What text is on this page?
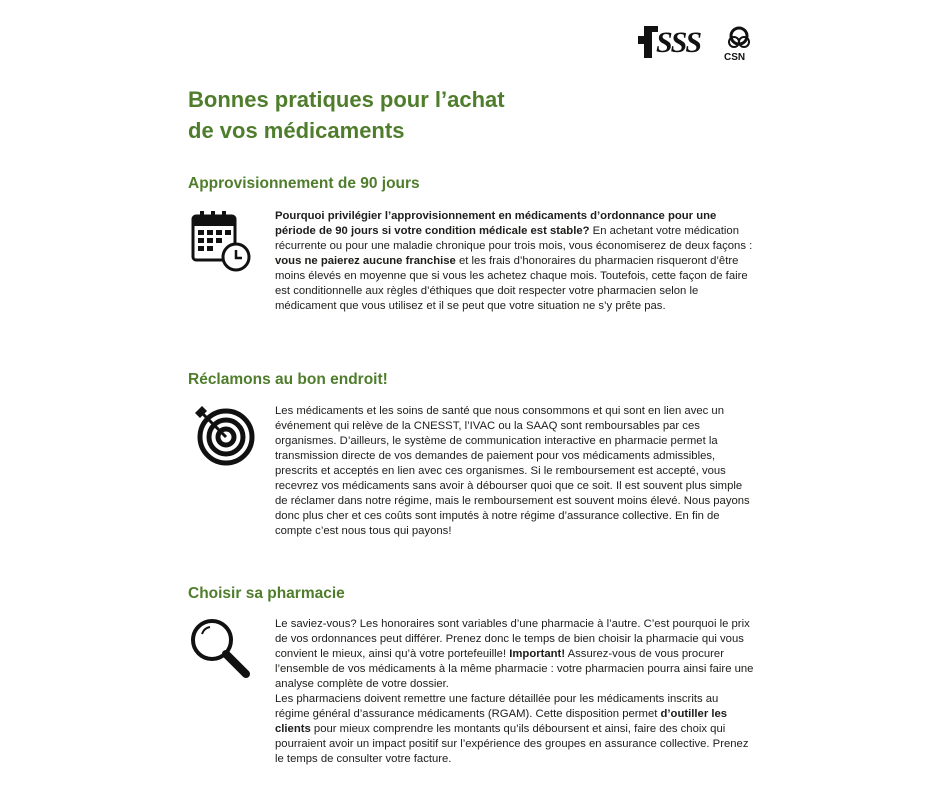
SSS CSN
Bonnes pratiques pour l’achat
de vos médicaments
Approvisionnement de 90 jours
Pourquoi privilégier l’approvisionnement en médicaments d’ordonnance pour une période de 90 jours si votre condition médicale est stable? En achetant votre médication récurrente ou pour une maladie chronique pour trois mois, vous économiserez de deux façons : vous ne paierez aucune franchise et les frais d’honoraires du pharmacien risqueront d’être moins élevés en moyenne que si vous les achetez chaque mois. Toutefois, cette façon de faire est conditionnelle aux règles d’éthiques que doit respecter votre pharmacien selon le médicament que vous utilisez et il se peut que votre situation ne s’y prête pas.
Réclamons au bon endroit!
Les médicaments et les soins de santé que nous consommons et qui sont en lien avec un événement qui relève de la CNESST, l’IVAC ou la SAAQ sont remboursables par ces organismes. D’ailleurs, le système de communication interactive en pharmacie permet la transmission directe de vos demandes de paiement pour vos médicaments admissibles, prescrits et acceptés en lien avec ces organismes. Si le remboursement est accepté, vous recevrez vos médicaments sans avoir à débourser quoi que ce soit. Il est souvent plus simple de réclamer dans notre régime, mais le remboursement est souvent moins élevé. Nous payons donc plus cher et ces coûts sont imputés à notre régime d’assurance collective. En fin de compte c’est nous tous qui payons!
Choisir sa pharmacie
Le saviez-vous? Les honoraires sont variables d’une pharmacie à l’autre. C’est pourquoi le prix de vos ordonnances peut différer. Prenez donc le temps de bien choisir la pharmacie qui vous convient le mieux, ainsi qu’à votre portefeuille! Important! Assurez-vous de vous procurer l’ensemble de vos médicaments à la même pharmacie : votre pharmacien pourra ainsi faire une analyse complète de votre dossier.
Les pharmaciens doivent remettre une facture détaillée pour les médicaments inscrits au régime général d’assurance médicaments (RGAM). Cette disposition permet d’outiller les clients pour mieux comprendre les montants qu’ils déboursent et ainsi, faire des choix qui pourraient avoir un impact positif sur l’expérience des groupes en assurance collective. Prenez le temps de consulter votre facture.
